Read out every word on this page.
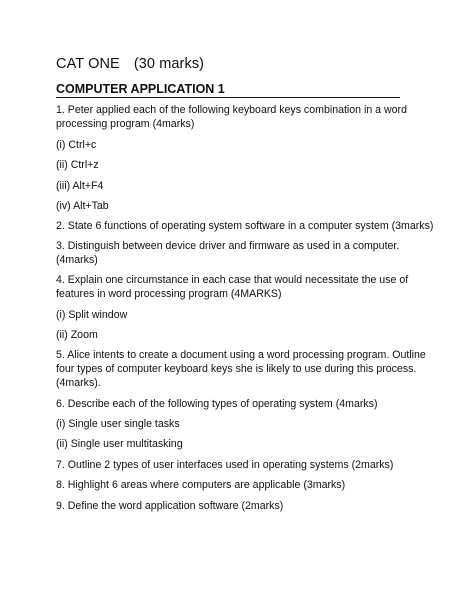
CAT ONE (30 marks)
COMPUTER APPLICATION 1
1. Peter applied each of the following keyboard keys combination in a word
processing program (4marks)
(i) Ctrl+c
(ii) Ctrl+z
(iii) Alt+F4
(iv) Alt+Tab
2. State 6 functions of operating system software in a computer system (3marks)
3. Distinguish between device driver and firmware as used in a computer.
(4marks)
4. Explain one circumstance in each case that would necessitate the use of
features in word processing program (4MARKS)
(i) Split window
(ii) Zoom
5. Alice intents to create a document using a word processing program. Outline
four types of computer keyboard keys she is likely to use during this process.
(4marks).
6. Describe each of the following types of operating system (4marks)
(i) Single user single tasks
(ii) Single user multitasking
7. Outline 2 types of user interfaces used in operating systems (2marks)
8. Highlight 6 areas where computers are applicable (3marks)
9. Define the word application software (2marks)
